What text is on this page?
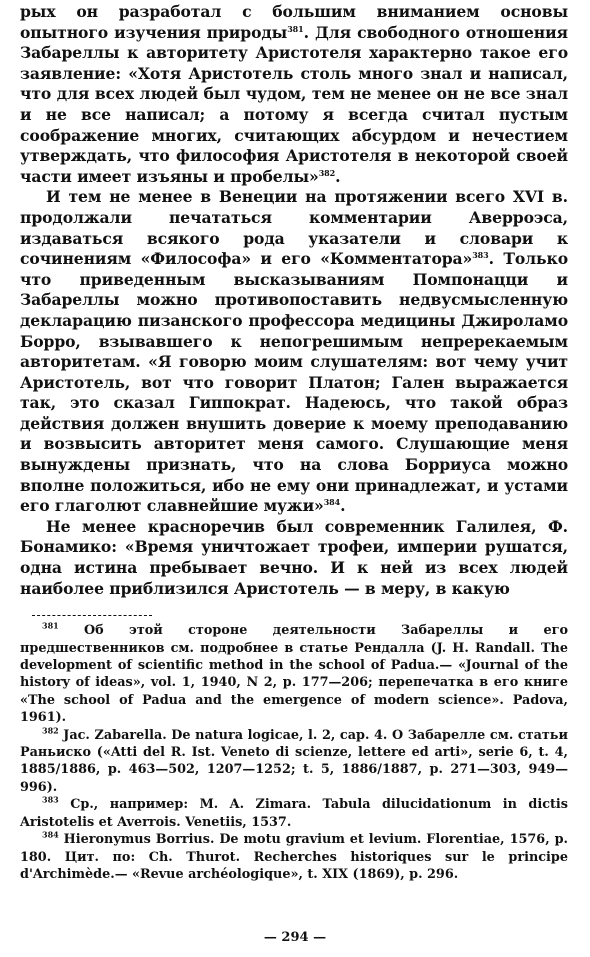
рых он разработал с большим вниманием основы опытного изучения природы$^{381}$. Для свободного отношения Забареллы к авторитету Аристотеля характерно такое его заявление: «Хотя Аристотель столь много знал и написал, что для всех людей был чудом, тем не менее он не все знал и не все написал; а потому я всегда считал пустым соображение многих, считающих абсурдом и нечестием утверждать, что философия Аристотеля в некоторой своей части имеет изъяны и пробелы»$^{382}$.

И тем не менее в Венеции на протяжении всего XVI в. продолжали печататься комментарии Аверроэса, издаваться всякого рода указатели и словари к сочинениям «Философа» и его «Комментатора»$^{383}$. Только что приведенным высказываниям Помпонацци и Забареллы можно противопоставить недвусмысленную декларацию пизанского профессора медицины Джироламо Борро, взывавшего к непогрешимым непререкаемым авторитетам. «Я говорю моим слушателям: вот чему учит Аристотель, вот что говорит Платон; Гален выражается так, это сказал Гиппократ. Надеюсь, что такой образ действия должен внушить доверие к моему преподаванию и возвысить авторитет меня самого. Слушающие меня вынуждены признать, что на слова Борриуса можно вполне положиться, ибо не ему они принадлежат, и устами его глаголют славнейшие мужи»$^{384}$.

Не менее красноречив был современник Галилея, Ф. Бонамико: «Время уничтожает трофеи, империи рушатся, одна истина пребывает вечно. И к ней из всех людей наиболее приблизился Аристотель — в меру, в какую

$^{381}$ Об этой стороне деятельности Забареллы и его предшественников см. подробнее в статье Рендалла (J. H. Randall. The development of scientific method in the school of Padua.— «Journal of the history of ideas», vol. 1, 1940, N 2, p. 177—206; перепечатка в его книге «The school of Padua and the emergence of modern science». Padova, 1961).

$^{382}$ Jac. Zabarella. De natura logicae, l. 2, cap. 4. О Забарелле см. статьи Раньиско («Atti del R. Ist. Veneto di scienze, lettere ed arti», serie 6, t. 4, 1885/1886, p. 463—502, 1207—1252; t. 5, 1886/1887, p. 271—303, 949—996).

$^{383}$ Ср., например: M. A. Zimara. Tabula dilucidationum in dictis Aristotelis et Averrois. Venetiis, 1537.

$^{384}$ Hieronymus Borrius. De motu gravium et levium. Florentiae, 1576, p. 180. Цит. по: Ch. Thurot. Recherches historiques sur le principe d'Archimède.— «Revue archéologique», t. XIX (1869), p. 296.

— 294 —
